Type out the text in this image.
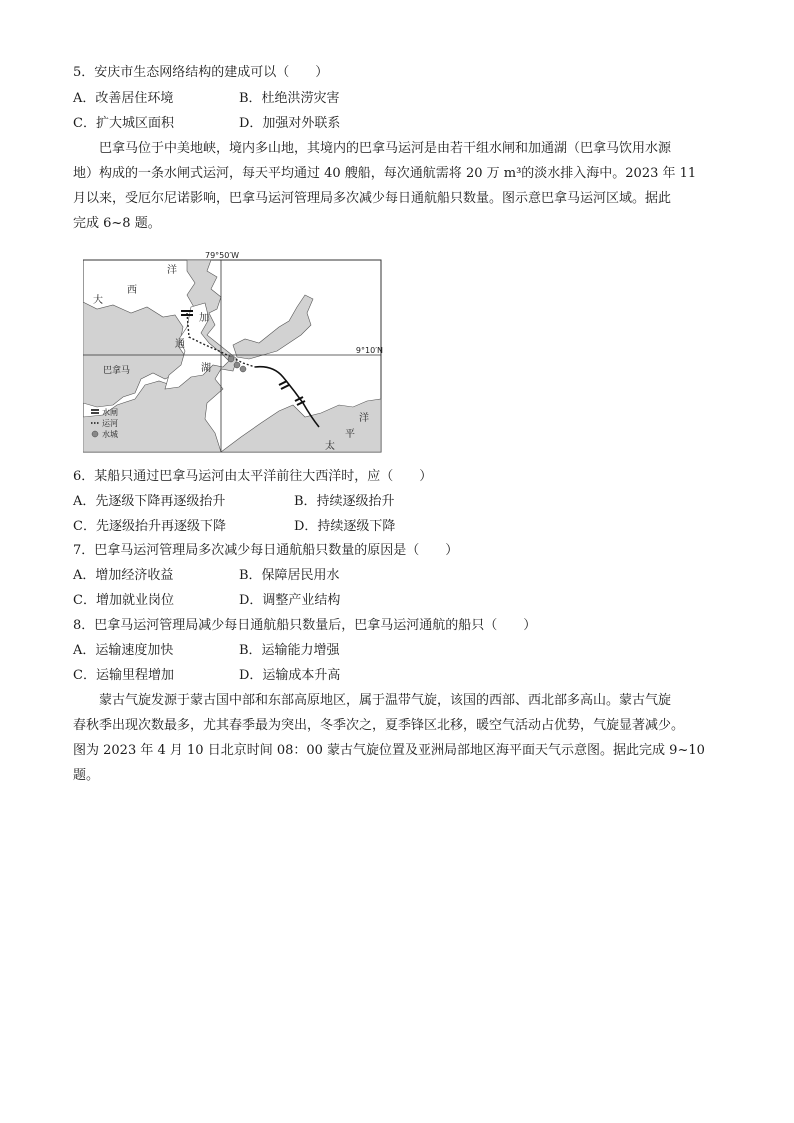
5．安庆市生态网络结构的建成可以（　　）
A．改善居住环境	B．杜绝洪涝灾害
C．扩大城区面积	D．加强对外联系
巴拿马位于中美地峡，境内多山地，其境内的巴拿马运河是由若干组水闸和加通湖（巴拿马饮用水源
地）构成的一条水闸式运河，每天平均通过 40 艘船，每次通航需将 20 万 m³的淡水排入海中。2023 年 11
月以来，受厄尔尼诺影响，巴拿马运河管理局多次减少每日通航船只数量。图示意巴拿马运河区域。据此
完成 6~8 题。
79°50′W
9°10′N
大
西
洋
加
通
湖
巴拿马
洋
平
太
水闸
运河
水城
6．某船只通过巴拿马运河由太平洋前往大西洋时，应（　　）
A．先逐级下降再逐级抬升	B．持续逐级抬升
C．先逐级抬升再逐级下降	D．持续逐级下降
7．巴拿马运河管理局多次减少每日通航船只数量的原因是（　　）
A．增加经济收益	B．保障居民用水
C．增加就业岗位	D．调整产业结构
8．巴拿马运河管理局减少每日通航船只数量后，巴拿马运河通航的船只（　　）
A．运输速度加快	B．运输能力增强
C．运输里程增加	D．运输成本升高
蒙古气旋发源于蒙古国中部和东部高原地区，属于温带气旋，该国的西部、西北部多高山。蒙古气旋
春秋季出现次数最多，尤其春季最为突出，冬季次之，夏季锋区北移，暖空气活动占优势，气旋显著减少。
图为 2023 年 4 月 10 日北京时间 08：00 蒙古气旋位置及亚洲局部地区海平面天气示意图。据此完成 9~10
题。
